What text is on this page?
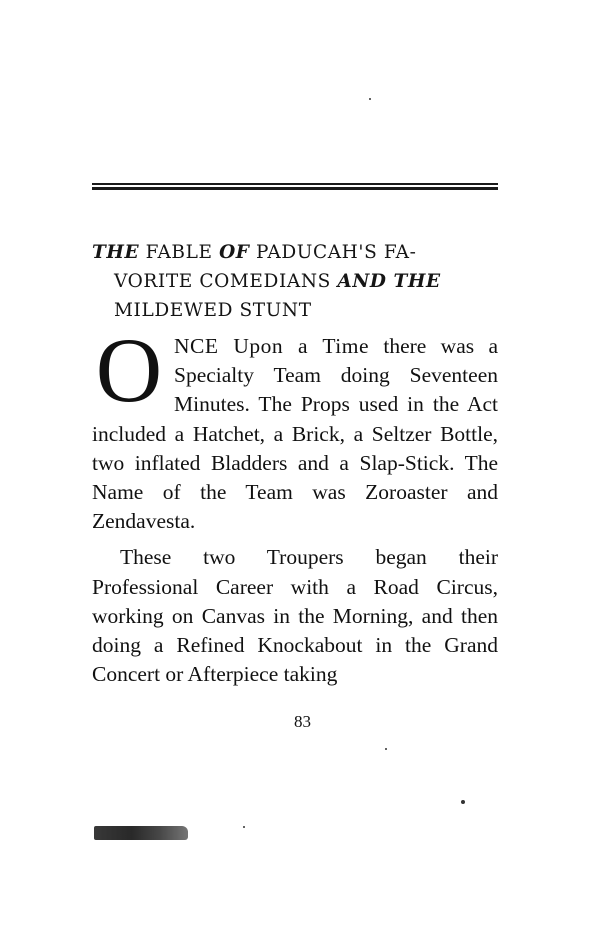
THE FABLE OF PADUCAH'S FA-
VORITE COMEDIANS AND THE
MILDEWED STUNT
O NCE Upon a Time there was a Specialty Team doing Seventeen Minutes. The Props used in the Act included a Hatchet, a Brick, a Seltzer Bottle, two inflated Bladders and a Slap-Stick. The Name of the Team was Zoroaster and Zendavesta.

These two Troupers began their Professional Career with a Road Circus, working on Canvas in the Morning, and then doing a Refined Knockabout in the Grand Concert or Afterpiece taking

83
